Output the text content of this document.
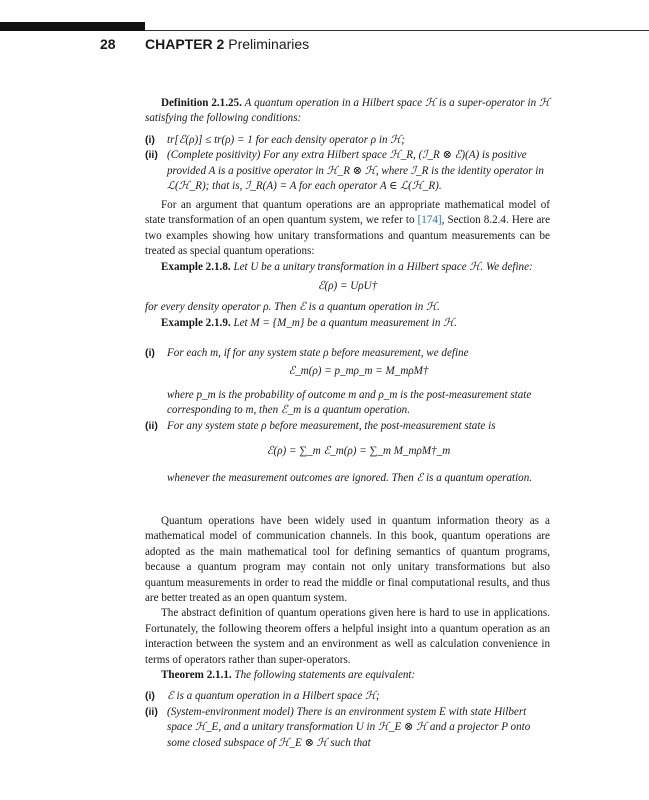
28 CHAPTER 2 Preliminaries

Definition 2.1.25. A quantum operation in a Hilbert space ℋ is a super-operator in ℋ satisfying the following conditions:

(i) tr[ℰ(ρ)] ≤ tr(ρ) = 1 for each density operator ρ in ℋ;
(ii) (Complete positivity) For any extra Hilbert space ℋ_R, (ℐ_R ⊗ ℰ)(A) is positive provided A is a positive operator in ℋ_R ⊗ ℋ, where ℐ_R is the identity operator in ℒ(ℋ_R); that is, ℐ_R(A) = A for each operator A ∈ ℒ(ℋ_R).

For an argument that quantum operations are an appropriate mathematical model of state transformation of an open quantum system, we refer to [174], Section 8.2.4. Here are two examples showing how unitary transformations and quantum measurements can be treated as special quantum operations:

Example 2.1.8. Let U be a unitary transformation in a Hilbert space ℋ. We define:

ℰ(ρ) = UρU†

for every density operator ρ. Then ℰ is a quantum operation in ℋ.

Example 2.1.9. Let M = {M_m} be a quantum measurement in ℋ.

(i) For each m, if for any system state ρ before measurement, we define
ℰ_m(ρ) = p_mρ_m = M_mρM†
where p_m is the probability of outcome m and ρ_m is the post-measurement state corresponding to m, then ℰ_m is a quantum operation.
(ii) For any system state ρ before measurement, the post-measurement state is
ℰ(ρ) = ∑_m ℰ_m(ρ) = ∑_m M_mρM†_m
whenever the measurement outcomes are ignored. Then ℰ is a quantum operation.

Quantum operations have been widely used in quantum information theory as a mathematical model of communication channels. In this book, quantum operations are adopted as the main mathematical tool for defining semantics of quantum programs, because a quantum program may contain not only unitary transformations but also quantum measurements in order to read the middle or final computational results, and thus are better treated as an open quantum system.

The abstract definition of quantum operations given here is hard to use in applications. Fortunately, the following theorem offers a helpful insight into a quantum operation as an interaction between the system and an environment as well as calculation convenience in terms of operators rather than super-operators.

Theorem 2.1.1. The following statements are equivalent:

(i) ℰ is a quantum operation in a Hilbert space ℋ;
(ii) (System-environment model) There is an environment system E with state Hilbert space ℋ_E, and a unitary transformation U in ℋ_E ⊗ ℋ and a projector P onto some closed subspace of ℋ_E ⊗ ℋ such that
